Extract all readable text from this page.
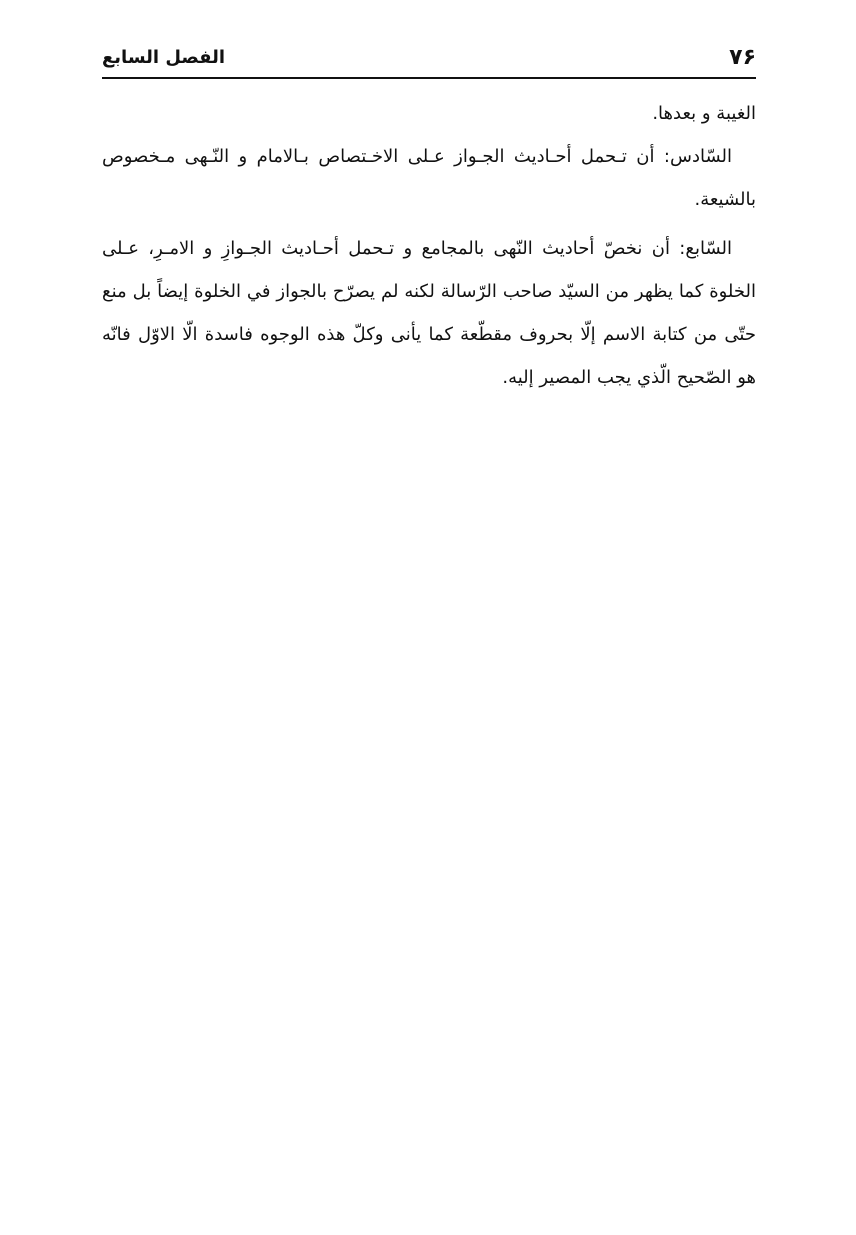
٧۶
الفصل السابع

الغيبة و بعدها.

السّادس: أن تـحمل أحـاديث الجـواز عـلى الاخـتصاص بـالامام و النّـهى مـخصوص بالشيعة.

السّابع: أن نخصّ أحاديث النّهى بالمجامع و تـحمل أحـاديث الجـوازِ و الامـرِ، عـلى الخلوة كما يظهر من السيّد صاحب الرّسالة لكنه لم يصرّح بالجواز في الخلوة إيضاً بل منع حتّى من كتابة الاسم إلّا بحروف مقطّعة كما يأنى وكلّ هذه الوجوه فاسدة الّا الاوّل فانّه هو الصّحيح الّذي يجب المصير إليه.
